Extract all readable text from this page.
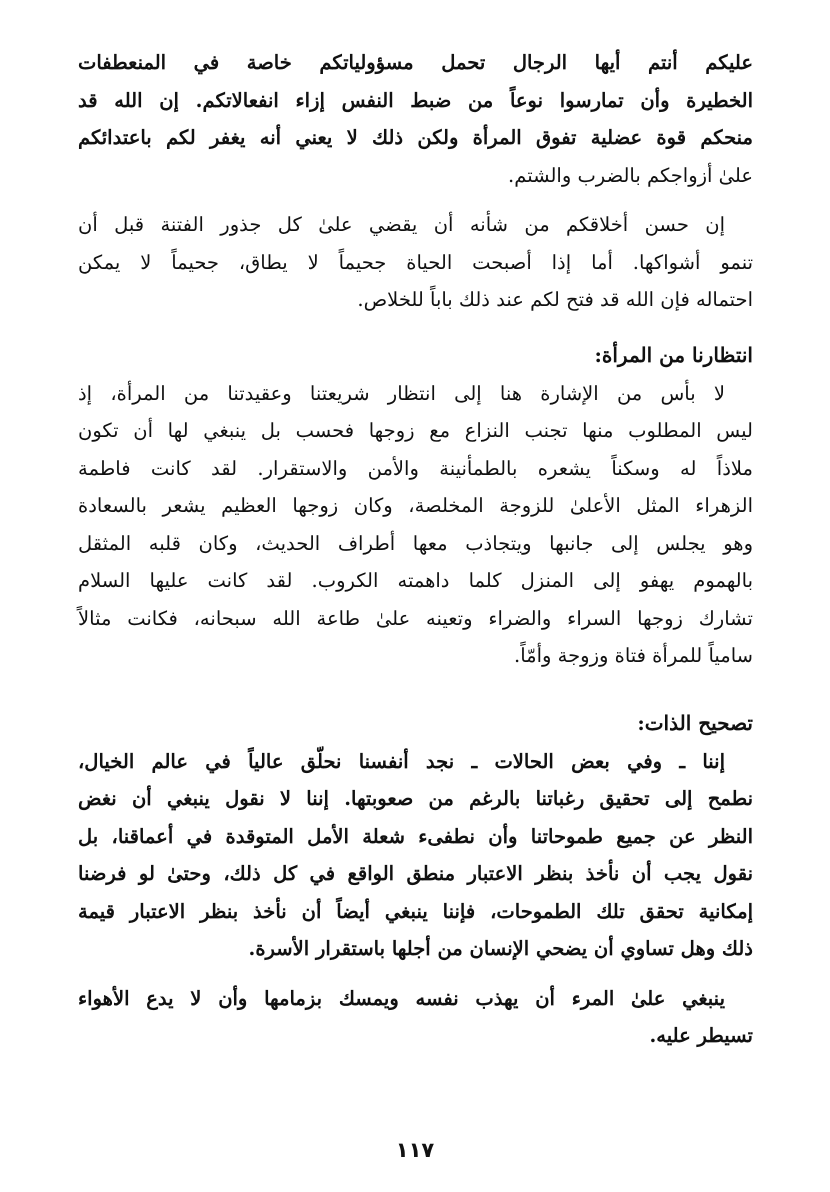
عليكم أنتم أيها الرجال تحمل مسؤولياتكم خاصة في المنعطفات
الخطيرة وأن تمارسوا نوعاً من ضبط النفس إزاء انفعالاتكم. إن الله قد
منحكم قوة عضلية تفوق المرأة ولكن ذلك لا يعني أنه يغفر لكم باعتدائكم
علىٰ أزواجكم بالضرب والشتم.
إن حسن أخلاقكم من شأنه أن يقضي علىٰ كل جذور الفتنة قبل أن
تنمو أشواكها. أما إذا أصبحت الحياة جحيماً لا يطاق، جحيماً لا يمكن
احتماله فإن الله قد فتح لكم عند ذلك باباً للخلاص.
انتظارنا من المرأة:
لا بأس من الإشارة هنا إلى انتظار شريعتنا وعقيدتنا من المرأة، إذ
ليس المطلوب منها تجنب النزاع مع زوجها فحسب بل ينبغي لها أن تكون
ملاذاً له وسكناً يشعره بالطمأنينة والأمن والاستقرار. لقد كانت فاطمة
الزهراء المثل الأعلىٰ للزوجة المخلصة، وكان زوجها العظيم يشعر بالسعادة
وهو يجلس إلى جانبها ويتجاذب معها أطراف الحديث، وكان قلبه المثقل
بالهموم يهفو إلى المنزل كلما داهمته الكروب. لقد كانت عليها السلام
تشارك زوجها السراء والضراء وتعينه علىٰ طاعة الله سبحانه، فكانت مثالاً
سامياً للمرأة فتاة وزوجة وأمّاً.
تصحيح الذات:
إننا ـ وفي بعض الحالات ـ نجد أنفسنا نحلّق عالياً في عالم الخيال،
نطمح إلى تحقيق رغباتنا بالرغم من صعوبتها. إننا لا نقول ينبغي أن نغض
النظر عن جميع طموحاتنا وأن نطفىء شعلة الأمل المتوقدة في أعماقنا، بل
نقول يجب أن نأخذ بنظر الاعتبار منطق الواقع في كل ذلك، وحتىٰ لو فرضنا
إمكانية تحقق تلك الطموحات، فإننا ينبغي أيضاً أن نأخذ بنظر الاعتبار قيمة
ذلك وهل تساوي أن يضحي الإنسان من أجلها باستقرار الأسرة.
ينبغي علىٰ المرء أن يهذب نفسه ويمسك بزمامها وأن لا يدع الأهواء
تسيطر عليه.
١١٧
